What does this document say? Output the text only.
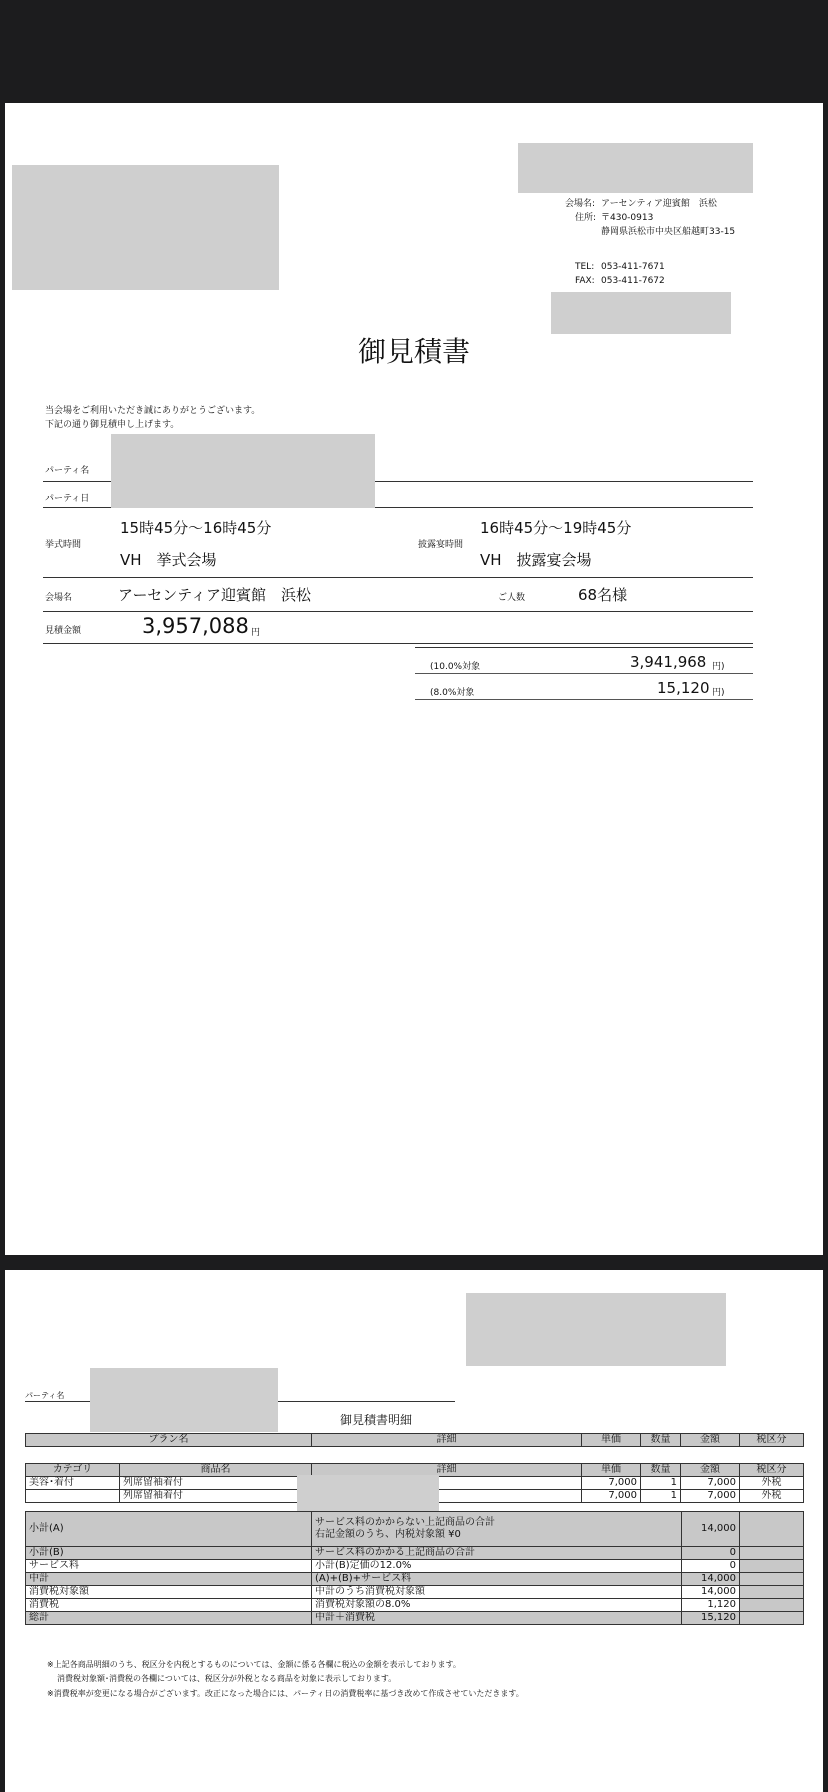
会場名: アーセンティア迎賓館　浜松
住所: 〒430-0913
静岡県浜松市中央区船越町33-15
TEL: 053-411-7671
FAX: 053-411-7672
御見積書
当会場をご利用いただき誠にありがとうございます。
下記の通り御見積申し上げます。
パーティ名
パーティ日
15時45分～16時45分
挙式時間
VH　挙式会場
16時45分～19時45分
披露宴時間
VH　披露宴会場
会場名	アーセンティア迎賓館　浜松	ご人数	68名様
見積金額	3,957,088 円
(10.0%対象	3,941,968 円)
(8.0%対象	15,120 円)
パーティ名
御見積書明細
プラン名	詳細	単価	数量	金額	税区分
カテゴリ	商品名	詳細	単価	数量	金額	税区分
美容･着付	列席留袖着付		7,000	1	7,000	外税
	列席留袖着付		7,000	1	7,000	外税
小計(A)	サービス料のかからない上記商品の合計
右記金額のうち、内税対象額 ¥0	14,000	
小計(B)	サービス料のかかる上記商品の合計	0	
サービス料	小計(B)定価の12.0%	0	
中計	(A)+(B)+サービス料	14,000	
消費税対象額	中計のうち消費税対象額	14,000	
消費税	消費税対象額の8.0%	1,120	
総計	中計＋消費税	15,120	
※上記各商品明細のうち、税区分を内税とするものについては、金額に係る各欄に税込の金額を表示しております。
消費税対象額･消費税の各欄については、税区分が外税となる商品を対象に表示しております。
※消費税率が変更になる場合がございます。改正になった場合には、パーティ日の消費税率に基づき改めて作成させていただきます。
